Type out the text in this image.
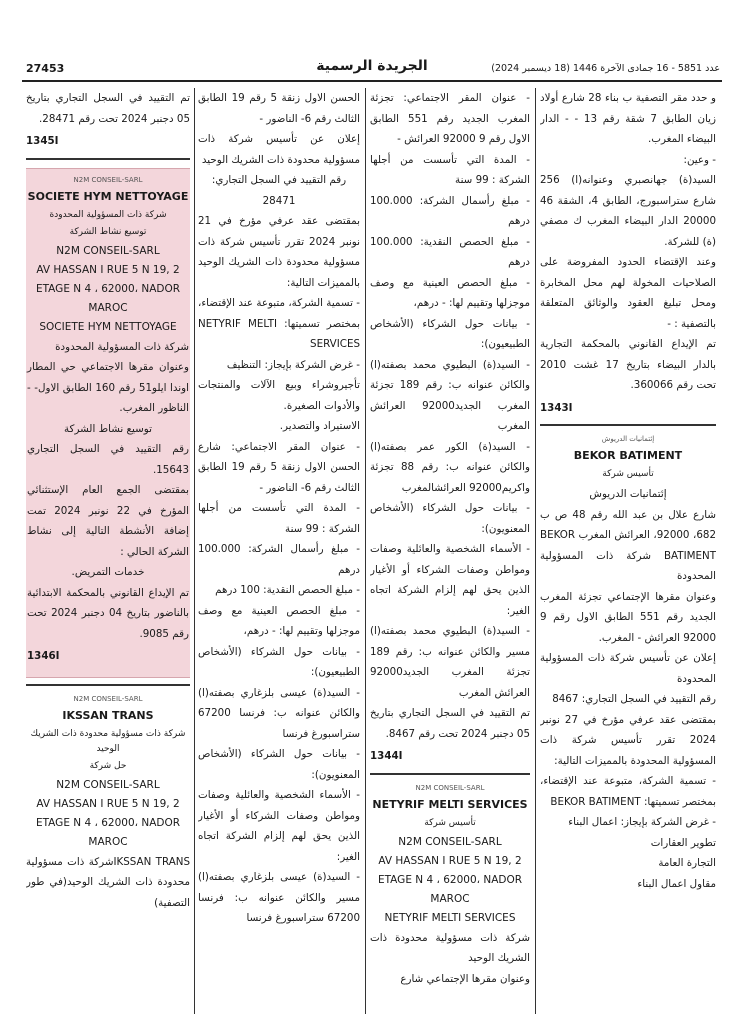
27453	الجريدة الرسمية	عدد 5851 - 16 جمادى الآخرة 1446 (18 ديسمبر 2024)

و حدد مقر التصفية ب بناء 28 شارع أولاد زيان الطابق 7 شقة رقم 13 - - الدار البيضاء المغرب.

- وعين:

السيد(ة) جهانصبري وعنوانه(ا) 256 شارع ستراسبورج، الطابق 4، الشقة 46 20000 الدار البيضاء المغرب ك مصفي (ة) للشركة.

وعند الإقتضاء الحدود المفروضة على الصلاحيات المخولة لهم محل المخابرة ومحل تبليغ العقود والوثائق المتعلقة بالتصفية : -

تم الإيداع القانوني بالمحكمة التجارية بالدار البيضاء بتاريخ 17 غشت 2010 تحت رقم 360066.

1343I
إئتمانيات الدريوش
BEKOR BATIMENT
تأسيس شركة

إئتمانيات الدريوش

شارع علال بن عبد الله رقم 48 ص ب 682، 92000، العرائش المغرب BEKOR BATIMENT شركة ذات المسؤولية المحدودة

وعنوان مقرها الإجتماعي تجزئة المغرب الجديد رقم 551 الطابق الاول رقم 9 92000 العرائش - المغرب.

إعلان عن تأسيس شركة ذات المسؤولية المحدودة

رقم التقييد في السجل التجاري: 8467

بمقتضى عقد عرفي مؤرخ في 27 نونبر 2024 تقرر تأسيس شركة ذات المسؤولية المحدودة بالمميزات التالية:

- تسمية الشركة، متبوعة عند الإقتضاء، بمختصر تسميتها: BEKOR BATIMENT

- غرض الشركة بإيجاز: اعمال البناء

تطوير العقارات

التجارة العامة

مقاول اعمال البناء

- عنوان المقر الاجتماعي: تجزئة المغرب الجديد رقم 551 الطابق الاول رقم 9 92000 العرائش -

- المدة التي تأسست من أجلها الشركة : 99 سنة

- مبلغ رأسمال الشركة: 100.000 درهم

- مبلغ الحصص النقدية: 100.000 درهم

- مبلغ الحصص العينية مع وصف موجزلها وتقييم لها: - درهم،

- بيانات حول الشركاء (الأشخاص الطبيعيون):

- السيد(ة) البطيوي محمد بصفته(ا) والكائن عنوانه ب: رقم 189 تجزئة المغرب الجديد92000 العرائش المغرب

- السيد(ة) الكور عمر بصفته(ا) والكائن عنوانه ب: رقم 88 تجزئة واكريم92000 العرائشالمغرب

- بيانات حول الشركاء (الأشخاص المعنويون):

- الأسماء الشخصية والعائلية وصفات ومواطن وصفات الشركاء أو الأغيار الذين يحق لهم إلزام الشركة اتجاه الغير:

- السيد(ة) البطيوي محمد بصفته(ا) مسير والكائن عنوانه ب: رقم 189 تجزئة المغرب الجديد92000 العرائش المغرب

تم التقييد في السجل التجاري بتاريخ 05 دجنبر 2024 تحت رقم 8467.

1344I
N2M CONSEIL-SARL
NETYRIF MELTI SERVICES
تأسيس شركة
N2M CONSEIL-SARL
AV HASSAN I RUE 5 N 19, 2
ETAGE N 4 ، 62000، NADOR
MAROC
NETYRIF MELTI SERVICES

شركة ذات مسؤولية محدودة ذات الشريك الوحيد

وعنوان مقرها الإجتماعي شارع

الحسن الاول زنقة 5 رقم 19 الطابق الثالث رقم 6- الناضور -

إعلان عن تأسيس شركة ذات مسؤولية محدودة ذات الشريك الوحيد

رقم التقييد في السجل التجاري: 28471

بمقتضى عقد عرفي مؤرخ في 21 نونبر 2024 تقرر تأسيس شركة ذات مسؤولية محدودة ذات الشريك الوحيد بالمميزات التالية:

- تسمية الشركة، متبوعة عند الإقتضاء، بمختصر تسميتها: NETYRIF MELTI SERVICES

- غرض الشركة بإيجاز: التنظيف

تأجيروشراء وبيع الآلات والمنتجات والأدوات الصغيرة.

الاستيراد والتصدير.

- عنوان المقر الاجتماعي: شارع الحسن الاول زنقة 5 رقم 19 الطابق الثالث رقم 6- الناضور -

- المدة التي تأسست من أجلها الشركة : 99 سنة

- مبلغ رأسمال الشركة: 100.000 درهم

- مبلغ الحصص النقدية: 100 درهم

- مبلغ الحصص العينية مع وصف موجزلها وتقييم لها: - درهم،

- بيانات حول الشركاء (الأشخاص الطبيعيون):

- السيد(ة) عيسى بلزغاري بصفته(ا) والكائن عنوانه ب: فرنسا 67200 ستراسبورغ فرنسا

- بيانات حول الشركاء (الأشخاص المعنويون):

- الأسماء الشخصية والعائلية وصفات ومواطن وصفات الشركاء أو الأغيار الذين يحق لهم إلزام الشركة اتجاه الغير:

- السيد(ة) عيسى بلزغاري بصفته(ا) مسير والكائن عنوانه ب: فرنسا 67200 ستراسبورغ فرنسا

تم التقييد في السجل التجاري بتاريخ 05 دجنبر 2024 تحت رقم 28471.

1345I
N2M CONSEIL-SARL
SOCIETE HYM NETTOYAGE
شركة ذات المسؤولية المحدودة
توسيع نشاط الشركة
N2M CONSEIL-SARL
AV HASSAN I RUE 5 N 19, 2
ETAGE N 4 ، 62000، NADOR
MAROC
SOCIETE HYM NETTOYAGE

شركة ذات المسؤولية المحدودة

وعنوان مقرها الاجتماعي حي المطار اوندا ايلو51 رقم 160 الطابق الاول- - الناظور المغرب.

توسيع نشاط الشركة

رقم التقييد في السجل التجاري 15643.

بمقتضى الجمع العام الإستثنائي المؤرخ في 22 نونبر 2024 تمت إضافة الأنشطة التالية إلى نشاط الشركة الحالي :

خدمات التمريض.

تم الإيداع القانوني بالمحكمة الابتدائية بالناضور بتاريخ 04 دجنبر 2024 تحت رقم 9085.

1346I
N2M CONSEIL-SARL
IKSSAN TRANS
شركة ذات مسؤولية محدودة ذات الشريك الوحيد
حل شركة
N2M CONSEIL-SARL
AV HASSAN I RUE 5 N 19, 2
ETAGE N 4 ، 62000، NADOR
MAROC

IKSSAN TRANSشركة ذات مسؤولية محدودة ذات الشريك الوحيد(في طور التصفية)
